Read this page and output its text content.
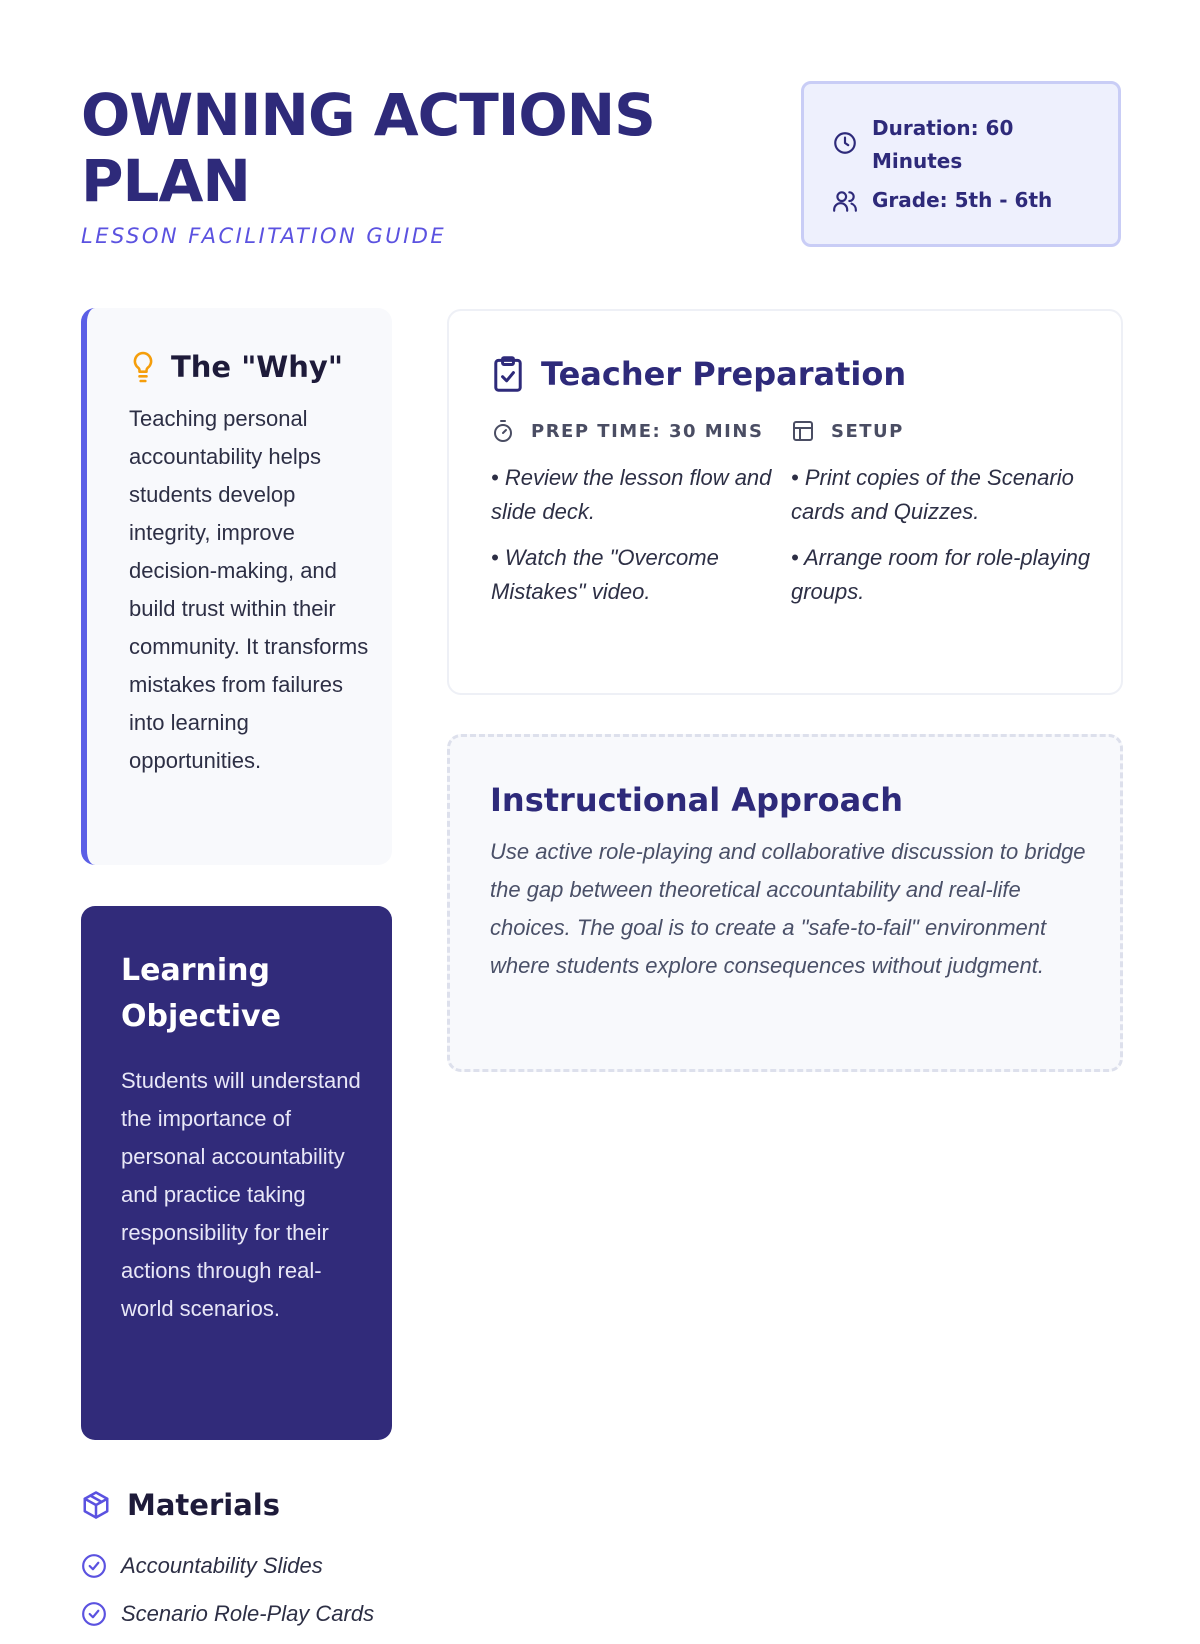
OWNING ACTIONS
PLAN
LESSON FACILITATION GUIDE
Duration: 60 Minutes
Grade: 5th - 6th
The "Why"

Teaching personal accountability helps students develop integrity, improve decision-making, and build trust within their community. It transforms mistakes from failures into learning opportunities.

Learning Objective

Students will understand the importance of personal accountability and practice taking responsibility for their actions through real-world scenarios.

Materials
Accountability Slides
Scenario Role-Play Cards
Teacher Preparation
PREP TIME: 30 MINS

• Review the lesson flow and slide deck.

• Watch the "Overcome Mistakes" video.

SETUP

• Print copies of the Scenario cards and Quizzes.

• Arrange room for role-playing groups.

Instructional Approach

Use active role-playing and collaborative discussion to bridge the gap between theoretical accountability and real-life choices. The goal is to create a "safe-to-fail" environment where students explore consequences without judgment.
